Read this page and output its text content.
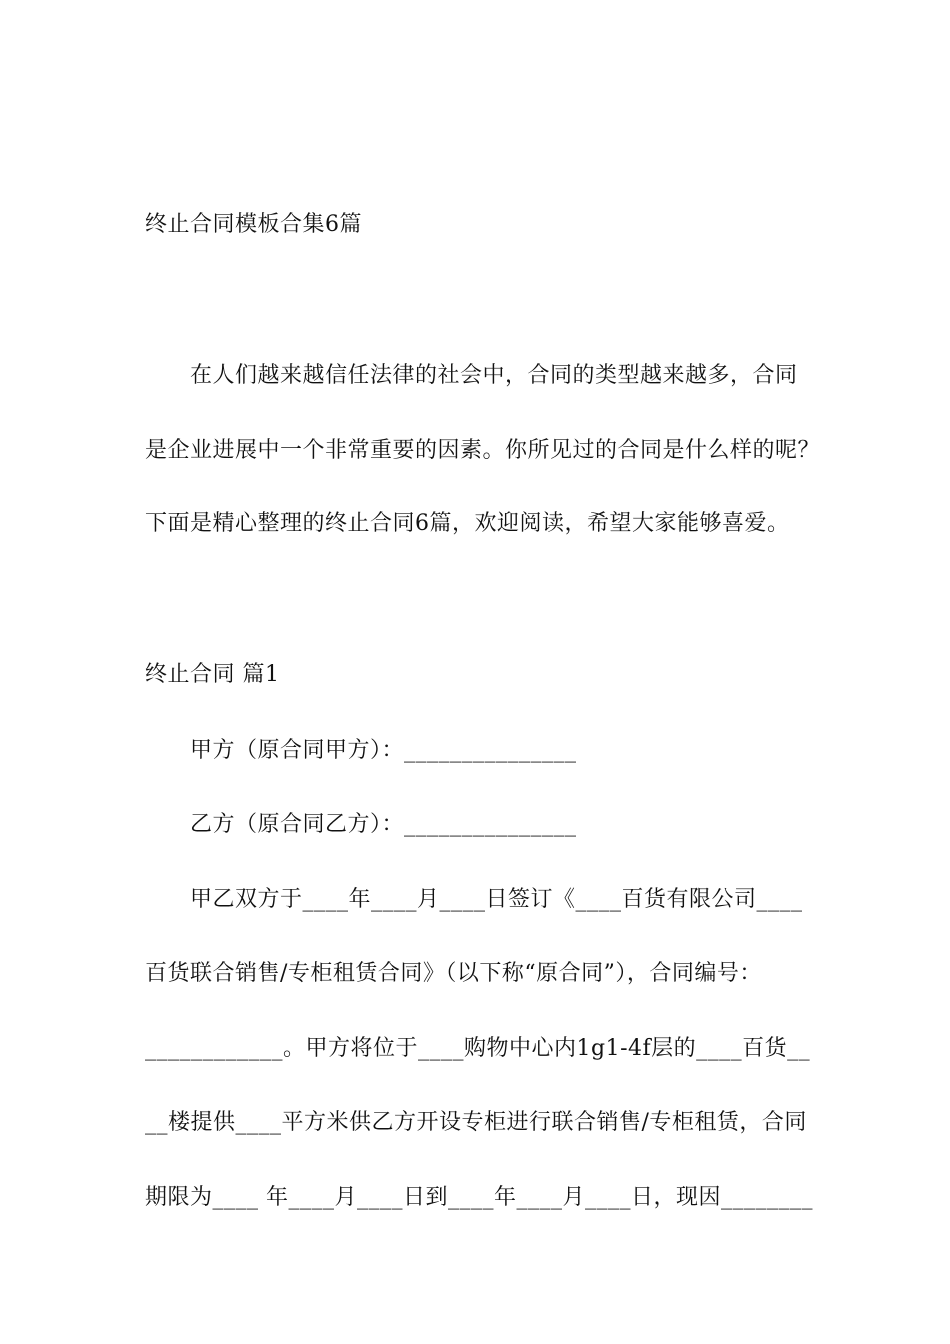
终止合同模板合集6篇
在人们越来越信任法律的社会中，合同的类型越来越多，合同
是企业进展中一个非常重要的因素。你所见过的合同是什么样的呢？
下面是精心整理的终止合同6篇，欢迎阅读，希望大家能够喜爱。
终止合同 篇1
甲方（原合同甲方）：_______________
乙方（原合同乙方）：_______________
甲乙双方于____年____月____日签订《____百货有限公司____
百货联合销售/专柜租赁合同》（以下称“原合同”），合同编号：
____________。甲方将位于____购物中心内1g1-4f层的____百货__
__楼提供____平方米供乙方开设专柜进行联合销售/专柜租赁，合同
期限为____ 年____月____日到____年____月____日，现因________
